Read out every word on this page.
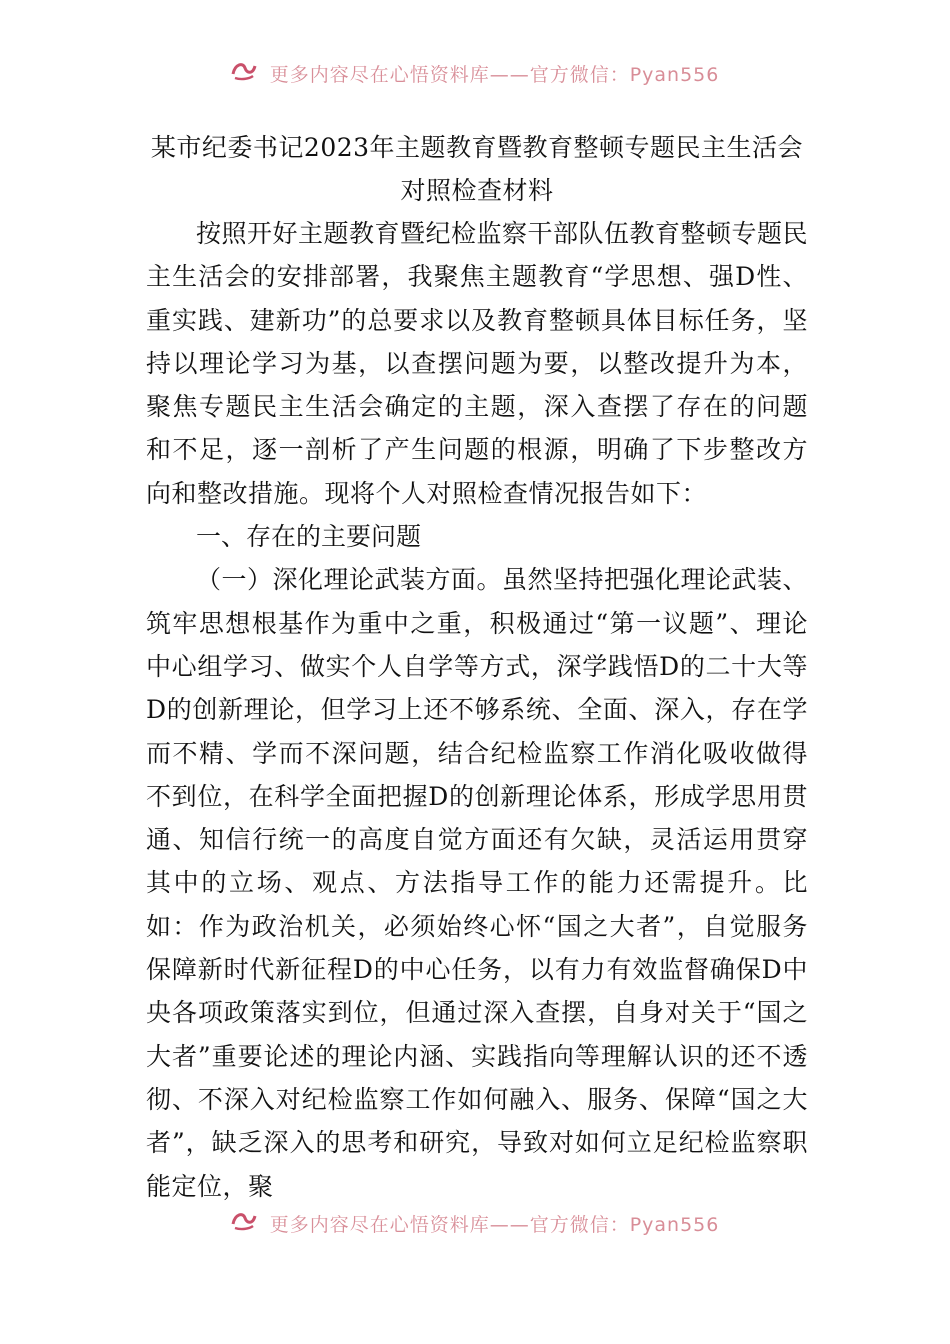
更多内容尽在心悟资料库——官方微信：Pyan556

某市纪委书记2023年主题教育暨教育整顿专题民主生活会

对照检查材料

按照开好主题教育暨纪检监察干部队伍教育整顿专题民主生活会的安排部署，我聚焦主题教育“学思想、强D性、重实践、建新功”的总要求以及教育整顿具体目标任务，坚持以理论学习为基，以查摆问题为要，以整改提升为本，聚焦专题民主生活会确定的主题，深入查摆了存在的问题和不足，逐一剖析了产生问题的根源，明确了下步整改方向和整改措施。现将个人对照检查情况报告如下：

一、存在的主要问题

（一）深化理论武装方面。虽然坚持把强化理论武装、筑牢思想根基作为重中之重，积极通过“第一议题”、理论中心组学习、做实个人自学等方式，深学践悟D的二十大等D的创新理论，但学习上还不够系统、全面、深入，存在学而不精、学而不深问题，结合纪检监察工作消化吸收做得不到位，在科学全面把握D的创新理论体系，形成学思用贯通、知信行统一的高度自觉方面还有欠缺，灵活运用贯穿其中的立场、观点、方法指导工作的能力还需提升。比如：作为政治机关，必须始终心怀“国之大者”，自觉服务保障新时代新征程D的中心任务，以有力有效监督确保D中央各项政策落实到位，但通过深入查摆，自身对关于“国之大者”重要论述的理论内涵、实践指向等理解认识的还不透彻、不深入对纪检监察工作如何融入、服务、保障“国之大者”，缺乏深入的思考和研究，导致对如何立足纪检监察职能定位，聚

更多内容尽在心悟资料库——官方微信：Pyan556
